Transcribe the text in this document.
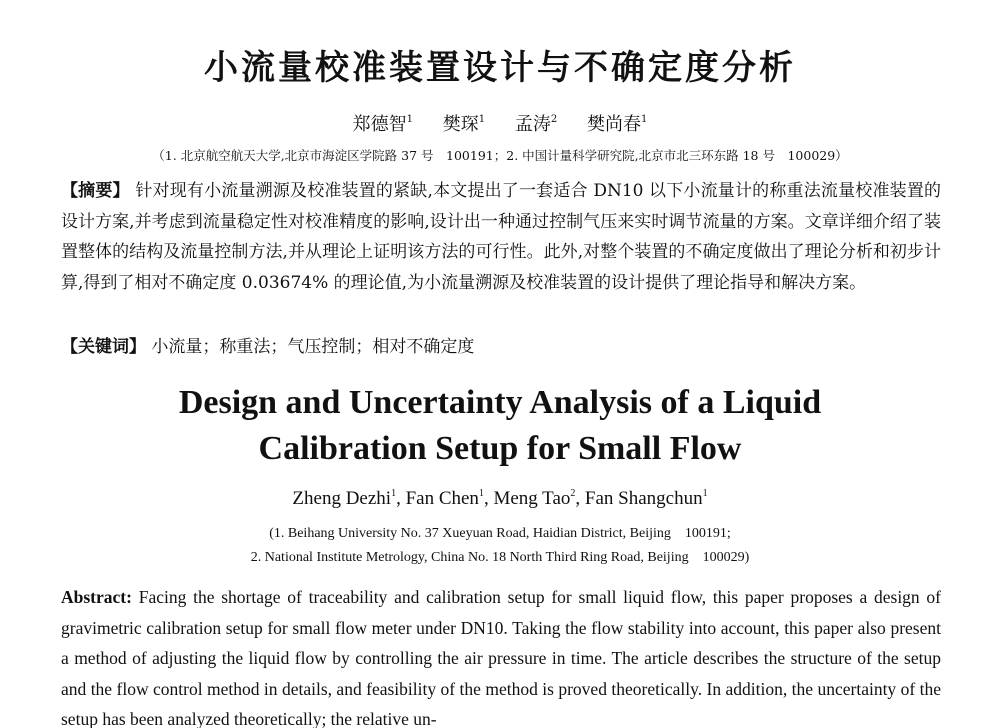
小流量校准装置设计与不确定度分析
郑德智$^1$ 樊琛$^1$ 孟涛$^2$ 樊尚春$^1$
（1. 北京航空航天大学,北京市海淀区学院路 37 号　100191；2. 中国计量科学研究院,北京市北三环东路 18 号　100029）
【摘要】 针对现有小流量溯源及校准装置的紧缺,本文提出了一套适合 DN10 以下小流量计的称重法流量校准装置的设计方案,并考虑到流量稳定性对校准精度的影响,设计出一种通过控制气压来实时调节流量的方案。文章详细介绍了装置整体的结构及流量控制方法,并从理论上证明该方法的可行性。此外,对整个装置的不确定度做出了理论分析和初步计算,得到了相对不确定度 0.03674% 的理论值,为小流量溯源及校准装置的设计提供了理论指导和解决方案。
【关键词】 小流量；称重法；气压控制；相对不确定度
Design and Uncertainty Analysis of a Liquid
Calibration Setup for Small Flow
Zheng Dezhi$^1$, Fan Chen$^1$, Meng Tao$^2$, Fan Shangchun$^1$
(1. Beihang University No. 37 Xueyuan Road, Haidian District, Beijing　100191;
2. National Institute Metrology, China No. 18 North Third Ring Road, Beijing　100029)
Abstract: Facing the shortage of traceability and calibration setup for small liquid flow, this paper proposes a design of gravimetric calibration setup for small flow meter under DN10. Taking the flow stability into account, this paper also present a method of adjusting the liquid flow by controlling the air pressure in time. The article describes the structure of the setup and the flow control method in details, and feasibility of the method is proved theoretically. In addition, the uncertainty of the setup has been analyzed theoretically; the relative un-
